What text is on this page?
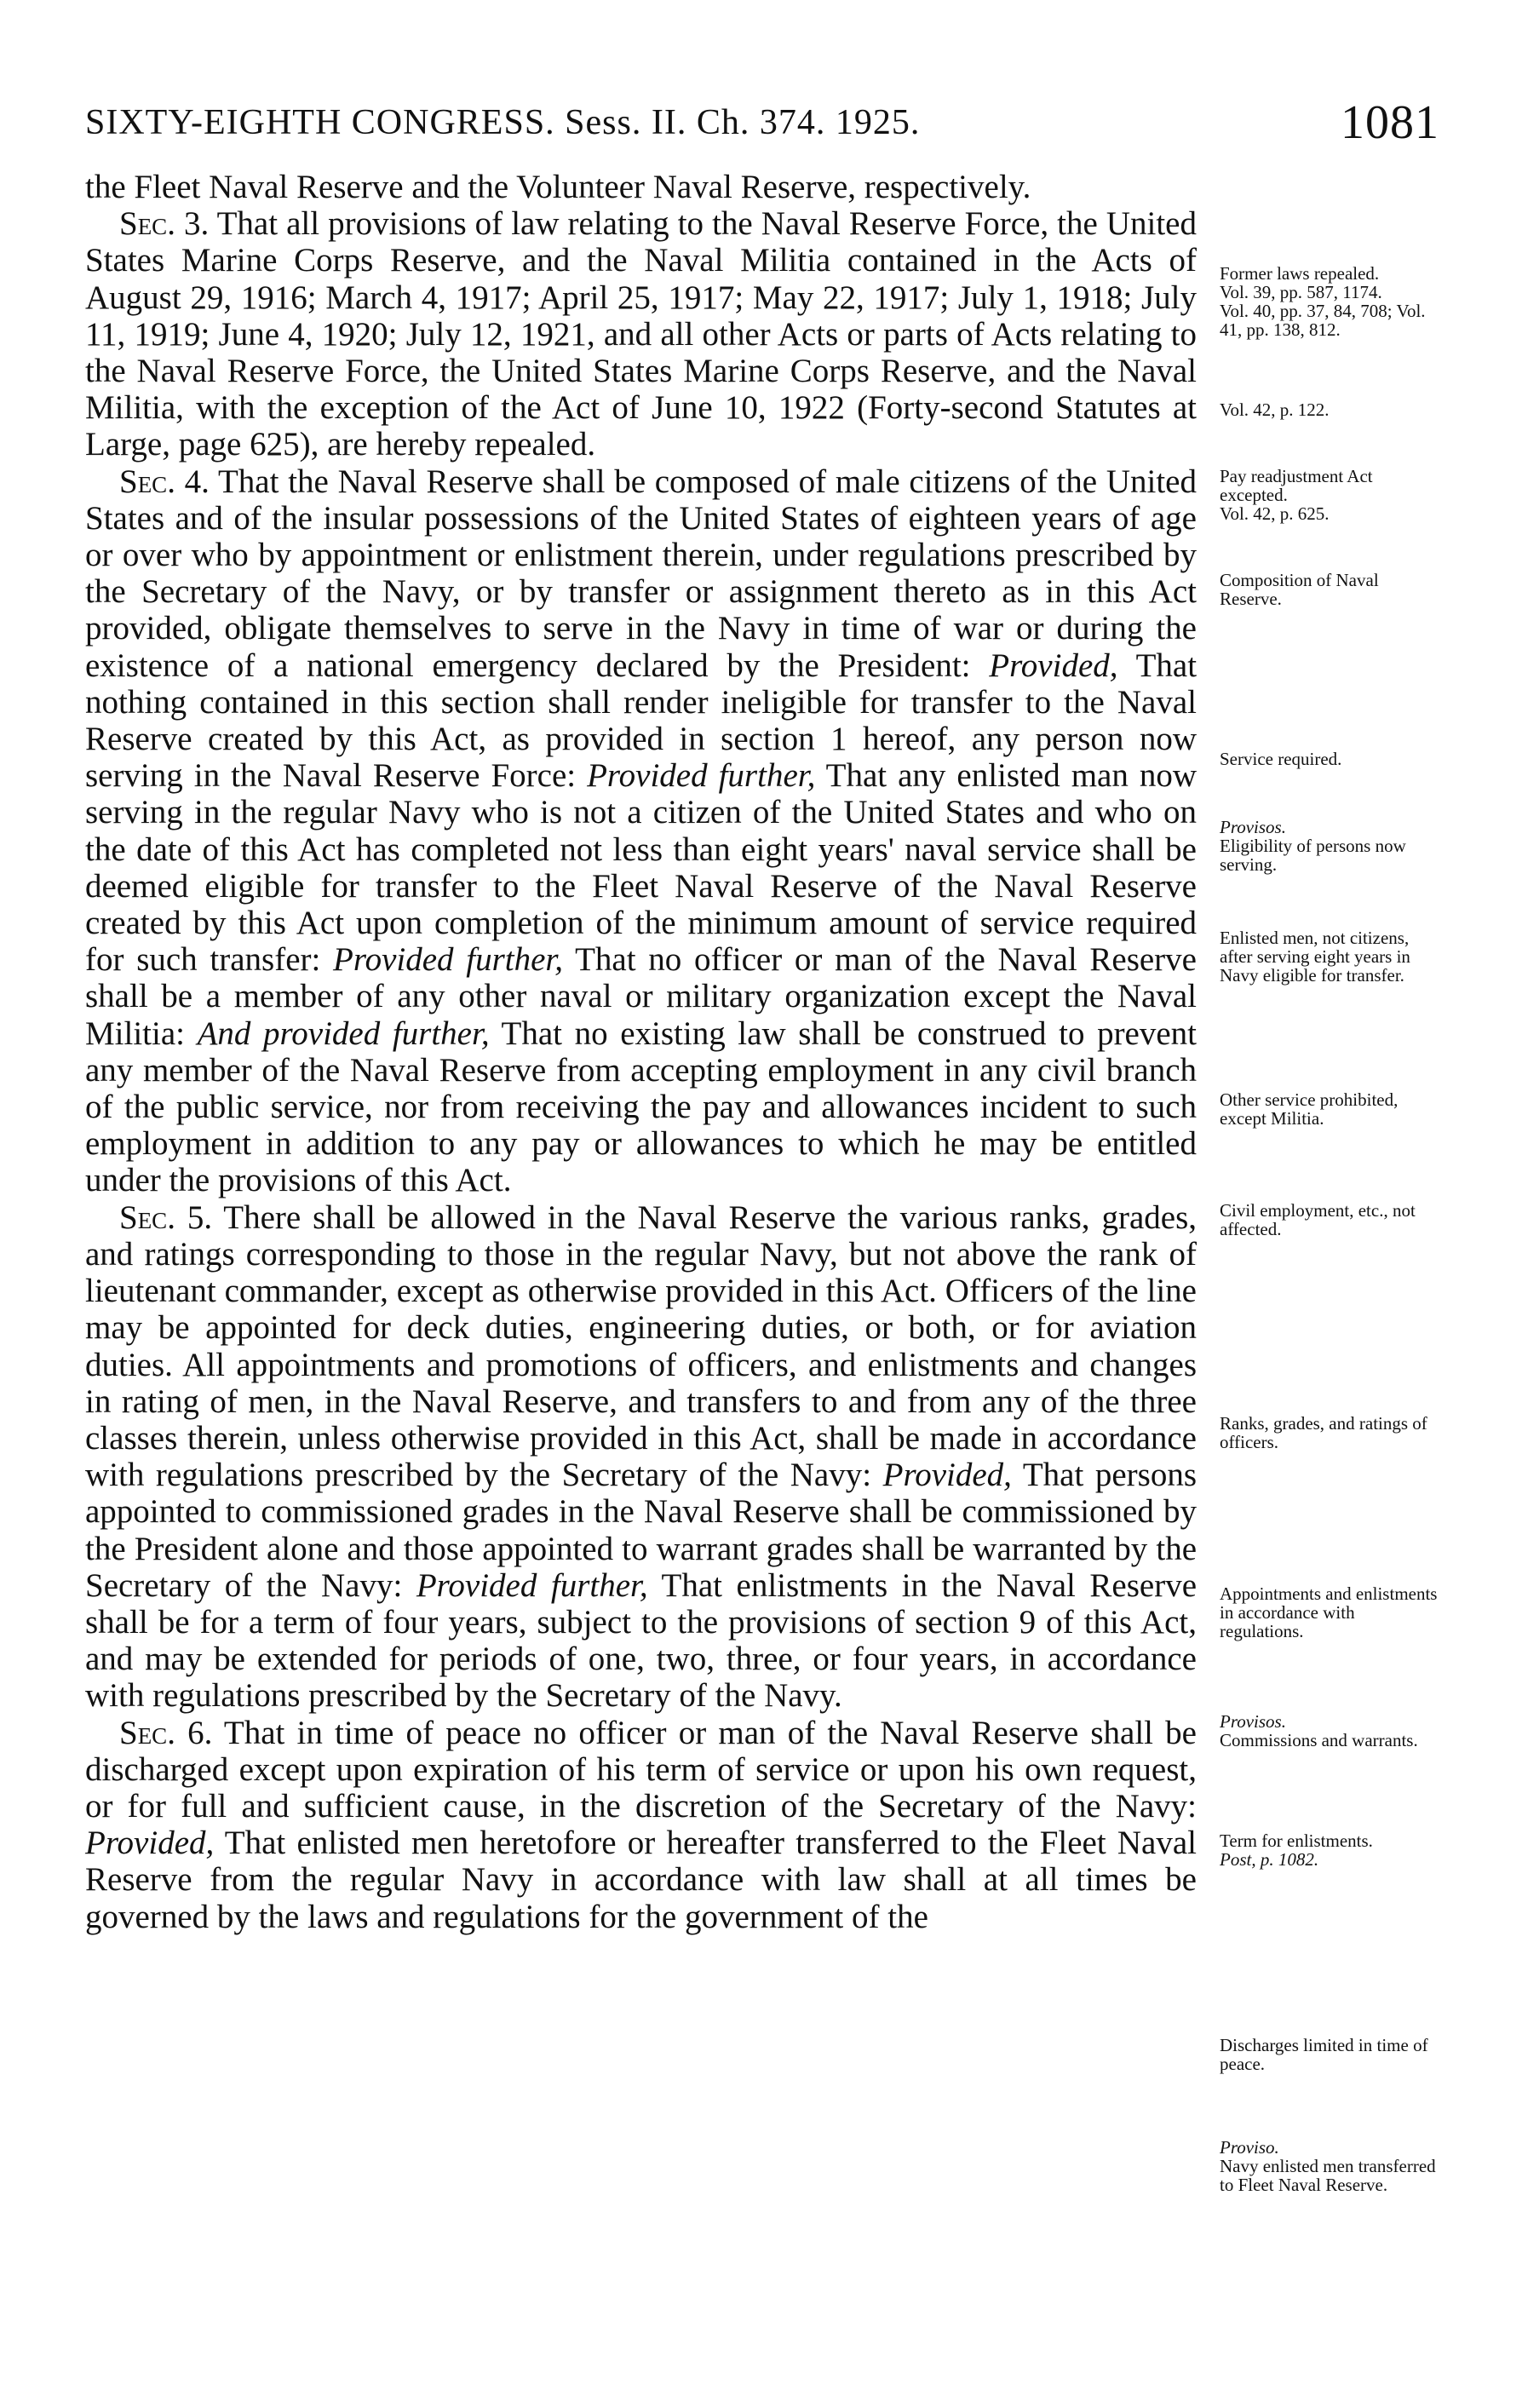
SIXTY-EIGHTH CONGRESS. Sess. II. Ch. 374. 1925.	1081

the Fleet Naval Reserve and the Volunteer Naval Reserve, respectively.

Sec. 3. That all provisions of law relating to the Naval Reserve Force, the United States Marine Corps Reserve, and the Naval Militia contained in the Acts of August 29, 1916; March 4, 1917; April 25, 1917; May 22, 1917; July 1, 1918; July 11, 1919; June 4, 1920; July 12, 1921, and all other Acts or parts of Acts relating to the Naval Reserve Force, the United States Marine Corps Reserve, and the Naval Militia, with the exception of the Act of June 10, 1922 (Forty-second Statutes at Large, page 625), are hereby repealed.

Sec. 4. That the Naval Reserve shall be composed of male citizens of the United States and of the insular possessions of the United States of eighteen years of age or over who by appointment or enlistment therein, under regulations prescribed by the Secretary of the Navy, or by transfer or assignment thereto as in this Act provided, obligate themselves to serve in the Navy in time of war or during the existence of a national emergency declared by the President: Provided, That nothing contained in this section shall render ineligible for transfer to the Naval Reserve created by this Act, as provided in section 1 hereof, any person now serving in the Naval Reserve Force: Provided further, That any enlisted man now serving in the regular Navy who is not a citizen of the United States and who on the date of this Act has completed not less than eight years' naval service shall be deemed eligible for transfer to the Fleet Naval Reserve of the Naval Reserve created by this Act upon completion of the minimum amount of service required for such transfer: Provided further, That no officer or man of the Naval Reserve shall be a member of any other naval or military organization except the Naval Militia: And provided further, That no existing law shall be construed to prevent any member of the Naval Reserve from accepting employment in any civil branch of the public service, nor from receiving the pay and allowances incident to such employment in addition to any pay or allowances to which he may be entitled under the provisions of this Act.

Sec. 5. There shall be allowed in the Naval Reserve the various ranks, grades, and ratings corresponding to those in the regular Navy, but not above the rank of lieutenant commander, except as otherwise provided in this Act. Officers of the line may be appointed for deck duties, engineering duties, or both, or for aviation duties. All appointments and promotions of officers, and enlistments and changes in rating of men, in the Naval Reserve, and transfers to and from any of the three classes therein, unless otherwise provided in this Act, shall be made in accordance with regulations prescribed by the Secretary of the Navy: Provided, That persons appointed to commissioned grades in the Naval Reserve shall be commissioned by the President alone and those appointed to warrant grades shall be warranted by the Secretary of the Navy: Provided further, That enlistments in the Naval Reserve shall be for a term of four years, subject to the provisions of section 9 of this Act, and may be extended for periods of one, two, three, or four years, in accordance with regulations prescribed by the Secretary of the Navy.

Sec. 6. That in time of peace no officer or man of the Naval Reserve shall be discharged except upon expiration of his term of service or upon his own request, or for full and sufficient cause, in the discretion of the Secretary of the Navy: Provided, That enlisted men heretofore or hereafter transferred to the Fleet Naval Reserve from the regular Navy in accordance with law shall at all times be governed by the laws and regulations for the government of the

Former laws repealed.
Vol. 39, pp. 587, 1174.
Vol. 40, pp. 37, 84, 708; Vol. 41, pp. 138, 812.
Vol. 42, p. 122.
Pay readjustment Act excepted.
Vol. 42, p. 625.
Composition of Naval Reserve.
Service required.
Provisos.
Eligibility of persons now serving.
Enlisted men, not citizens, after serving eight years in Navy eligible for transfer.
Other service prohibited, except Militia.
Civil employment, etc., not affected.
Ranks, grades, and ratings of officers.
Appointments and enlistments in accordance with regulations.
Provisos.
Commissions and warrants.
Term for enlistments.
Post, p. 1082.
Discharges limited in time of peace.
Proviso.
Navy enlisted men transferred to Fleet Naval Reserve.
